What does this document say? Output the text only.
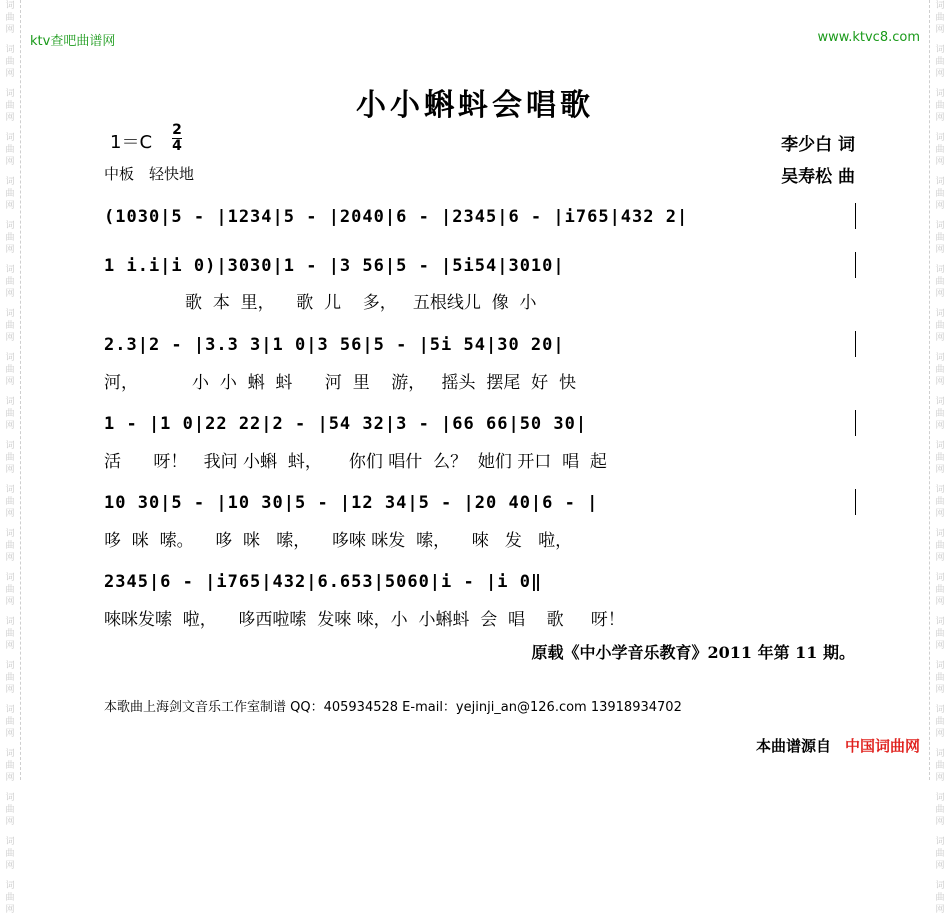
词
曲
网
词
曲
网
词
曲
网
词
曲
网
词
曲
网
词
曲
网
词
曲
网
词
曲
网
词
曲
网
词
曲
网
词
曲
网
词
曲
网
词
曲
网
词
曲
网
词
曲
网
词
曲
网
词
曲
网
词
曲
网
词
曲
网
词
曲
网
词
曲
网
词
曲
网
词
曲
网
词
曲
网
词
曲
网
词
曲
网
词
曲
网
词
曲
网
词
曲
网
词
曲
网
词
曲
网
词
曲
网
词
曲
网
词
曲
网
词
曲
网
词
曲
网
词
曲
网
词
曲
网
词
曲
网
词
曲
网
词
曲
网
词
曲
网
ktv查吧曲谱网	www.ktvc8.com
小小蝌蚪会唱歌
1＝C
2
4
中板　轻快地
李少白 词
吴寿松 曲
(1030|5 - |1234|5 - |2040|6 - |2345|6 - |i765|432 2|
1 i.i|i 0)|3030|1 - |3 56|5 - |5i54|3010|
歌  本  里，    歌  儿    多，   五根线儿  像  小
2.3|2 - |3.3 3|1 0|3 56|5 - |5i 54|30 20|
河，          小  小  蝌  蚪      河  里    游，   摇头  摆尾  好  快
1 - |1 0|22 22|2 - |54 32|3 - |66 66|50 30|
活      呀！   我问 小蝌  蚪，     你们 唱什  么？  她们 开口  唱  起
10 30|5 - |10 30|5 - |12 34|5 - |20 40|6 - |
哆  咪  嗦。    哆  咪   嗦，    哆唻 咪发  嗦，    唻   发   啦，
2345|6 - |i765|432|6.653|5060|i - |i 0‖
唻咪发嗦  啦，    哆西啦嗦  发唻 唻，小  小蝌蚪  会  唱    歌     呀！
原载《中小学音乐教育》2011 年第 11 期。
本歌曲上海剑文音乐工作室制谱 QQ：405934528 E-mail：yejinji_an@126.com 13918934702
本曲谱源自 中国词曲网
